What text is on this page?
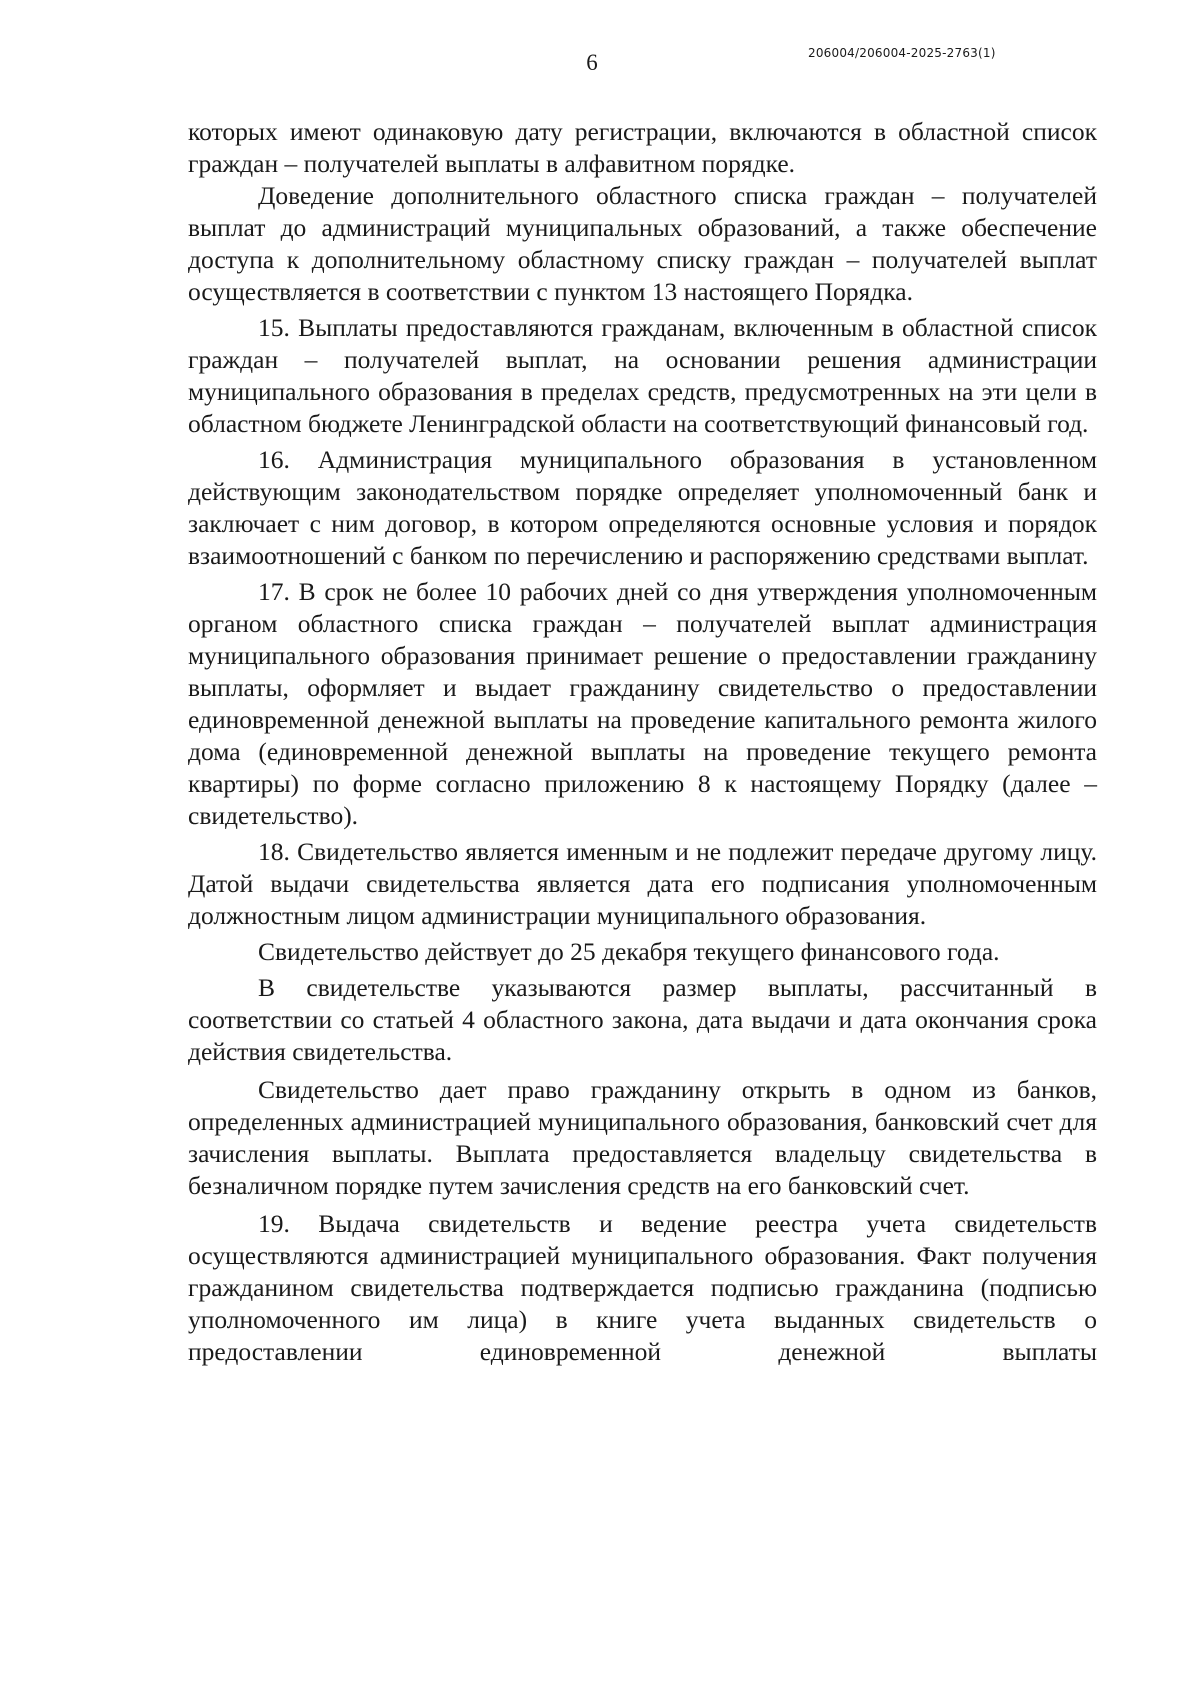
6	206004/206004-2025-2763(1)

которых имеют одинаковую дату регистрации, включаются в областной список граждан – получателей выплаты в алфавитном порядке.

Доведение дополнительного областного списка граждан – получателей выплат до администраций муниципальных образований, а также обеспечение доступа к дополнительному областному списку граждан – получателей выплат осуществляется в соответствии с пунктом 13 настоящего Порядка.

15. Выплаты предоставляются гражданам, включенным в областной список граждан – получателей выплат, на основании решения администрации муниципального образования в пределах средств, предусмотренных на эти цели в областном бюджете Ленинградской области на соответствующий финансовый год.

16. Администрация муниципального образования в установленном действующим законодательством порядке определяет уполномоченный банк и заключает с ним договор, в котором определяются основные условия и порядок взаимоотношений с банком по перечислению и распоряжению средствами выплат.

17. В срок не более 10 рабочих дней со дня утверждения уполномоченным органом областного списка граждан – получателей выплат администрация муниципального образования принимает решение о предоставлении гражданину выплаты, оформляет и выдает гражданину свидетельство о предоставлении единовременной денежной выплаты на проведение капитального ремонта жилого дома (единовременной денежной выплаты на проведение текущего ремонта квартиры) по форме согласно приложению 8 к настоящему Порядку (далее – свидетельство).

18. Свидетельство является именным и не подлежит передаче другому лицу. Датой выдачи свидетельства является дата его подписания уполномоченным должностным лицом администрации муниципального образования.

Свидетельство действует до 25 декабря текущего финансового года.

В свидетельстве указываются размер выплаты, рассчитанный в соответствии со статьей 4 областного закона, дата выдачи и дата окончания срока действия свидетельства.

Свидетельство дает право гражданину открыть в одном из банков, определенных администрацией муниципального образования, банковский счет для зачисления выплаты. Выплата предоставляется владельцу свидетельства в безналичном порядке путем зачисления средств на его банковский счет.

19. Выдача свидетельств и ведение реестра учета свидетельств осуществляются администрацией муниципального образования. Факт получения гражданином свидетельства подтверждается подписью гражданина (подписью уполномоченного им лица) в книге учета выданных свидетельств о предоставлении единовременной денежной выплаты
